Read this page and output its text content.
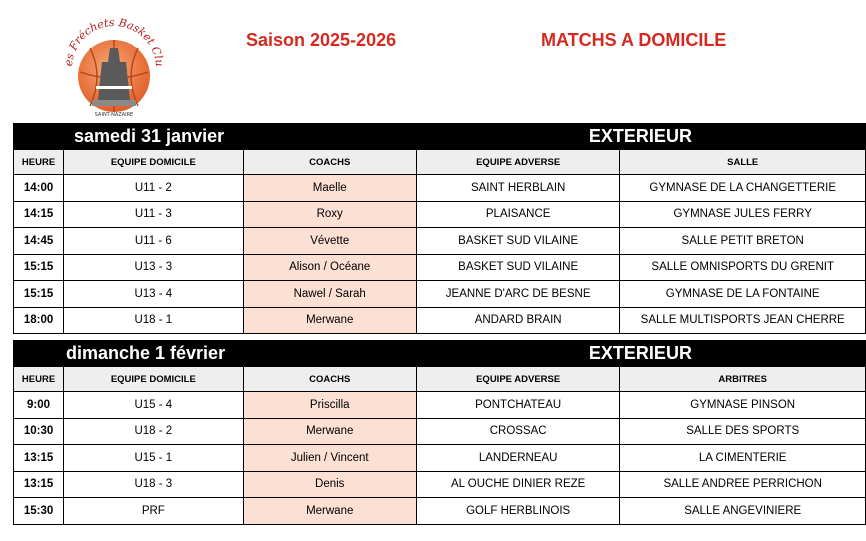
es Fréchets Basket Clu
SAINT-NAZAIRE
Saison 2025-2026	MATCHS A DOMICILE
samedi 31 janvier			EXTERIEUR	
HEURE	EQUIPE DOMICILE	COACHS	EQUIPE ADVERSE	SALLE
14:00	U11 - 2	Maelle	SAINT HERBLAIN	GYMNASE DE LA CHANGETTERIE
14:15	U11 - 3	Roxy	PLAISANCE	GYMNASE JULES FERRY
14:45	U11 - 6	Vévette	BASKET SUD VILAINE	SALLE PETIT BRETON
15:15	U13 - 3	Alison / Océane	BASKET SUD VILAINE	SALLE OMNISPORTS DU GRENIT
15:15	U13 - 4	Nawel / Sarah	JEANNE D'ARC DE BESNE	GYMNASE DE LA FONTAINE
18:00	U18 - 1	Merwane	ANDARD BRAIN	SALLE MULTISPORTS JEAN CHERRE
dimanche 1 février			EXTERIEUR	
HEURE	EQUIPE DOMICILE	COACHS	EQUIPE ADVERSE	ARBITRES
9:00	U15 - 4	Priscilla	PONTCHATEAU	GYMNASE PINSON
10:30	U18 - 2	Merwane	CROSSAC	SALLE DES SPORTS
13:15	U15 - 1	Julien / Vincent	LANDERNEAU	LA CIMENTERIE
13:15	U18 - 3	Denis	AL OUCHE DINIER REZE	SALLE ANDREE PERRICHON
15:30	PRF	Merwane	GOLF HERBLINOIS	SALLE ANGEVINIERE
